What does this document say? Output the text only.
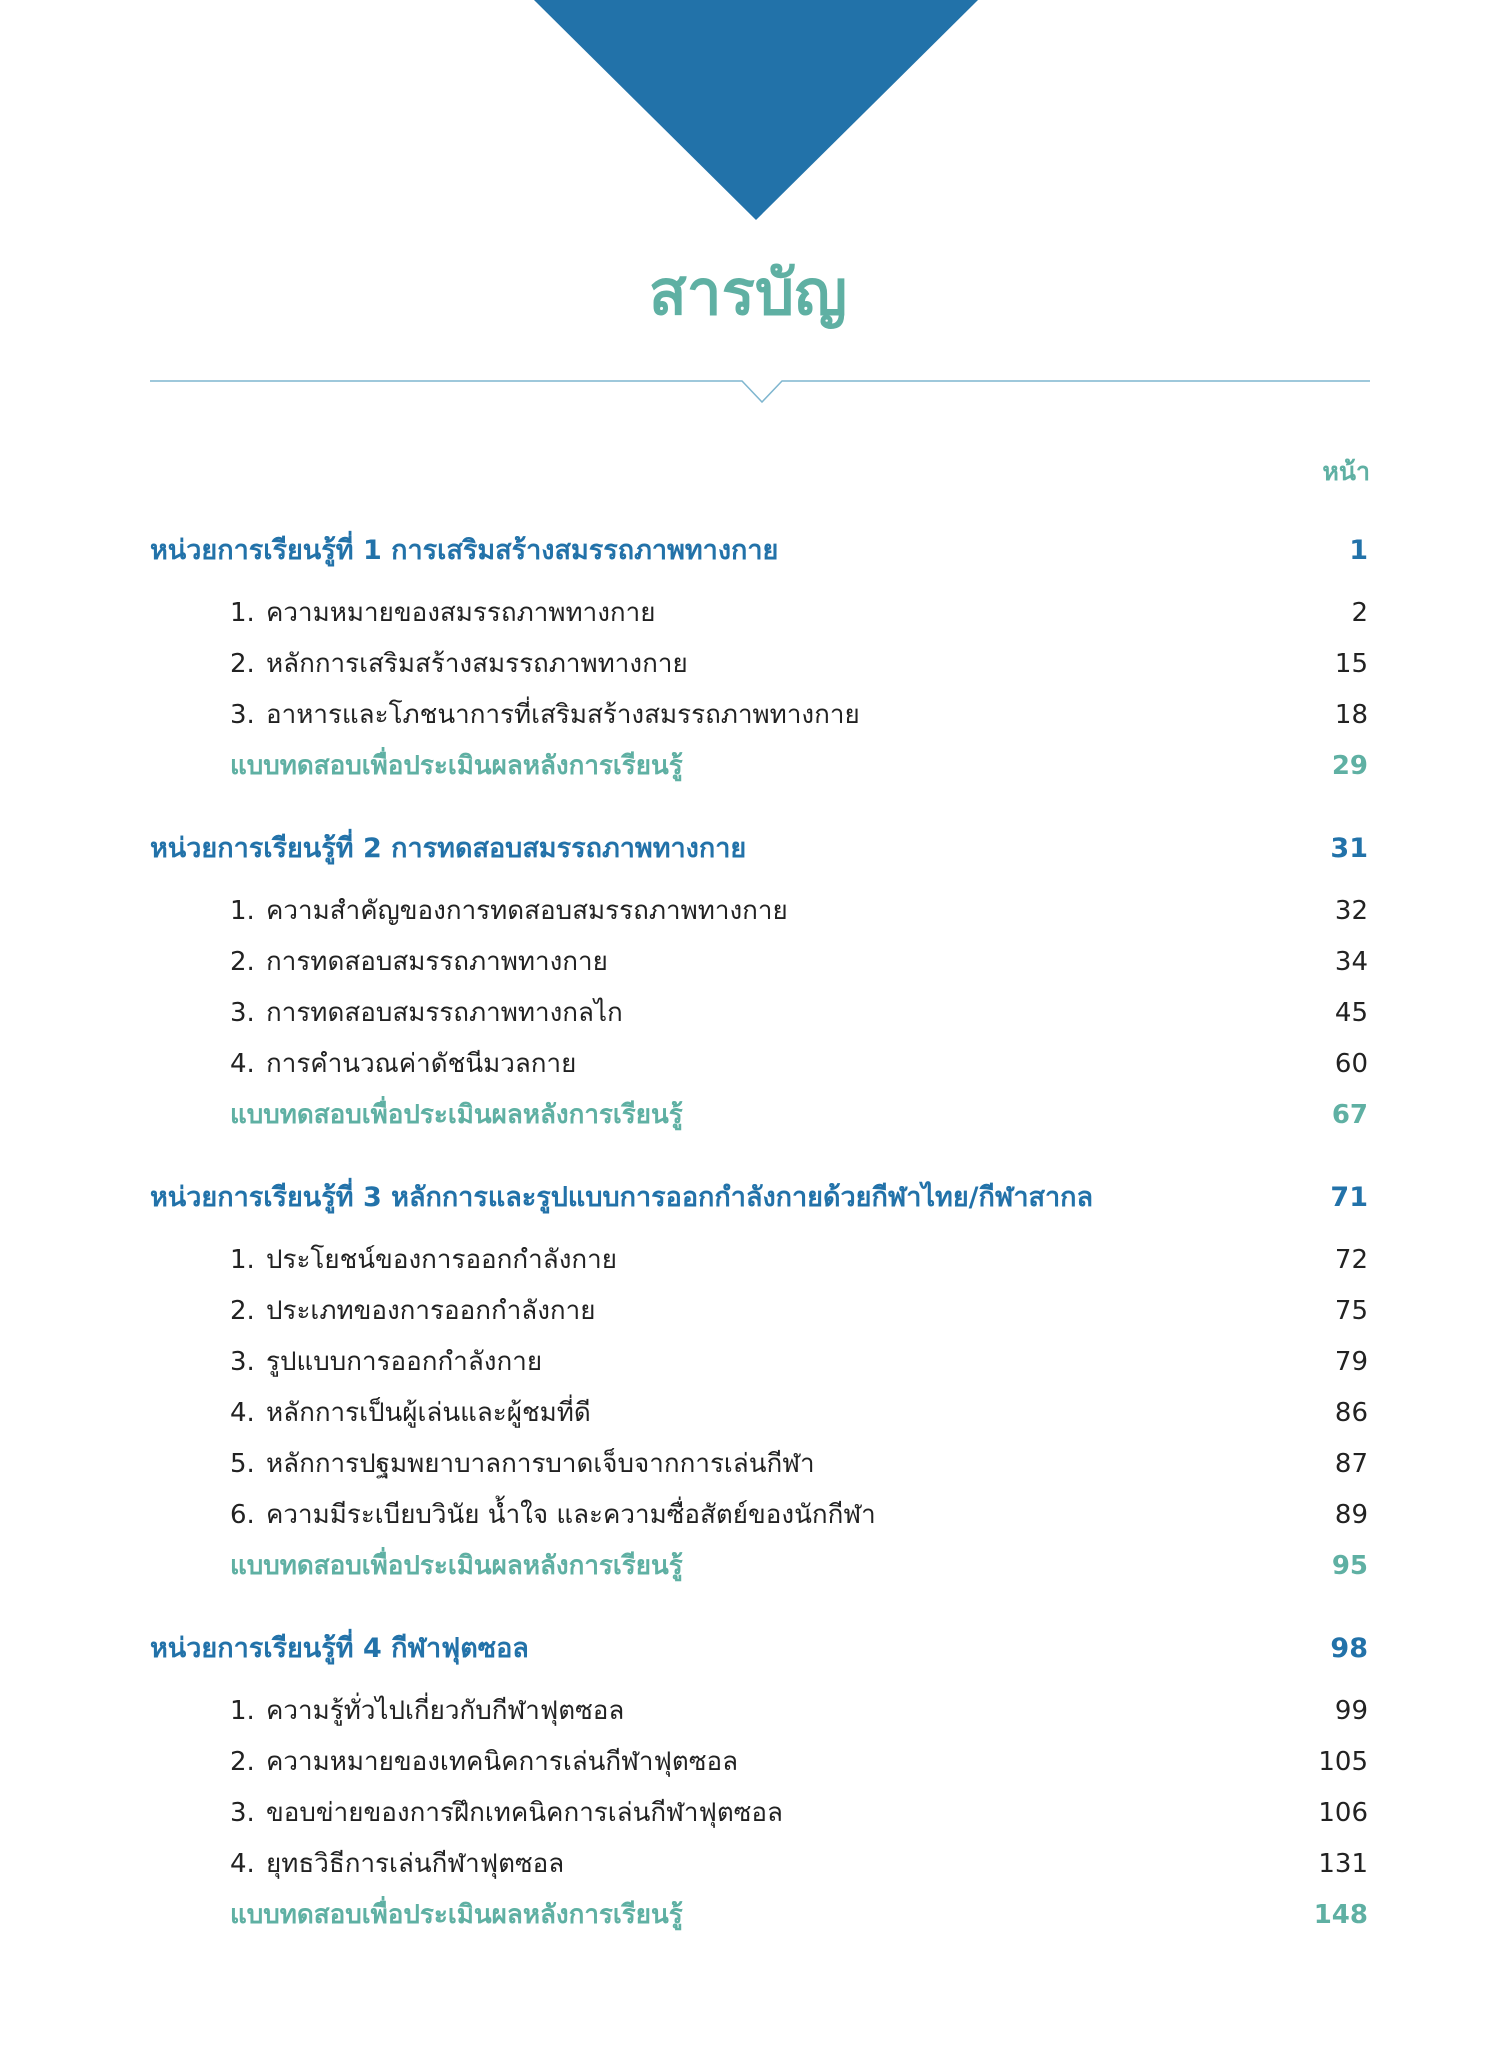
สารบัญ
หน้า
หน่วยการเรียนรู้ที่ 1 การเสริมสร้างสมรรถภาพทางกาย	1
1. ความหมายของสมรรถภาพทางกาย	2
2. หลักการเสริมสร้างสมรรถภาพทางกาย	15
3. อาหารและโภชนาการที่เสริมสร้างสมรรถภาพทางกาย	18
แบบทดสอบเพื่อประเมินผลหลังการเรียนรู้	29
หน่วยการเรียนรู้ที่ 2 การทดสอบสมรรถภาพทางกาย	31
1. ความสำคัญของการทดสอบสมรรถภาพทางกาย	32
2. การทดสอบสมรรถภาพทางกาย	34
3. การทดสอบสมรรถภาพทางกลไก	45
4. การคำนวณค่าดัชนีมวลกาย	60
แบบทดสอบเพื่อประเมินผลหลังการเรียนรู้	67
หน่วยการเรียนรู้ที่ 3 หลักการและรูปแบบการออกกำลังกายด้วยกีฬาไทย/กีฬาสากล	71
1. ประโยชน์ของการออกกำลังกาย	72
2. ประเภทของการออกกำลังกาย	75
3. รูปแบบการออกกำลังกาย	79
4. หลักการเป็นผู้เล่นและผู้ชมที่ดี	86
5. หลักการปฐมพยาบาลการบาดเจ็บจากการเล่นกีฬา	87
6. ความมีระเบียบวินัย น้ำใจ และความซื่อสัตย์ของนักกีฬา	89
แบบทดสอบเพื่อประเมินผลหลังการเรียนรู้	95
หน่วยการเรียนรู้ที่ 4 กีฬาฟุตซอล	98
1. ความรู้ทั่วไปเกี่ยวกับกีฬาฟุตซอล	99
2. ความหมายของเทคนิคการเล่นกีฬาฟุตซอล	105
3. ขอบข่ายของการฝึกเทคนิคการเล่นกีฬาฟุตซอล	106
4. ยุทธวิธีการเล่นกีฬาฟุตซอล	131
แบบทดสอบเพื่อประเมินผลหลังการเรียนรู้	148
